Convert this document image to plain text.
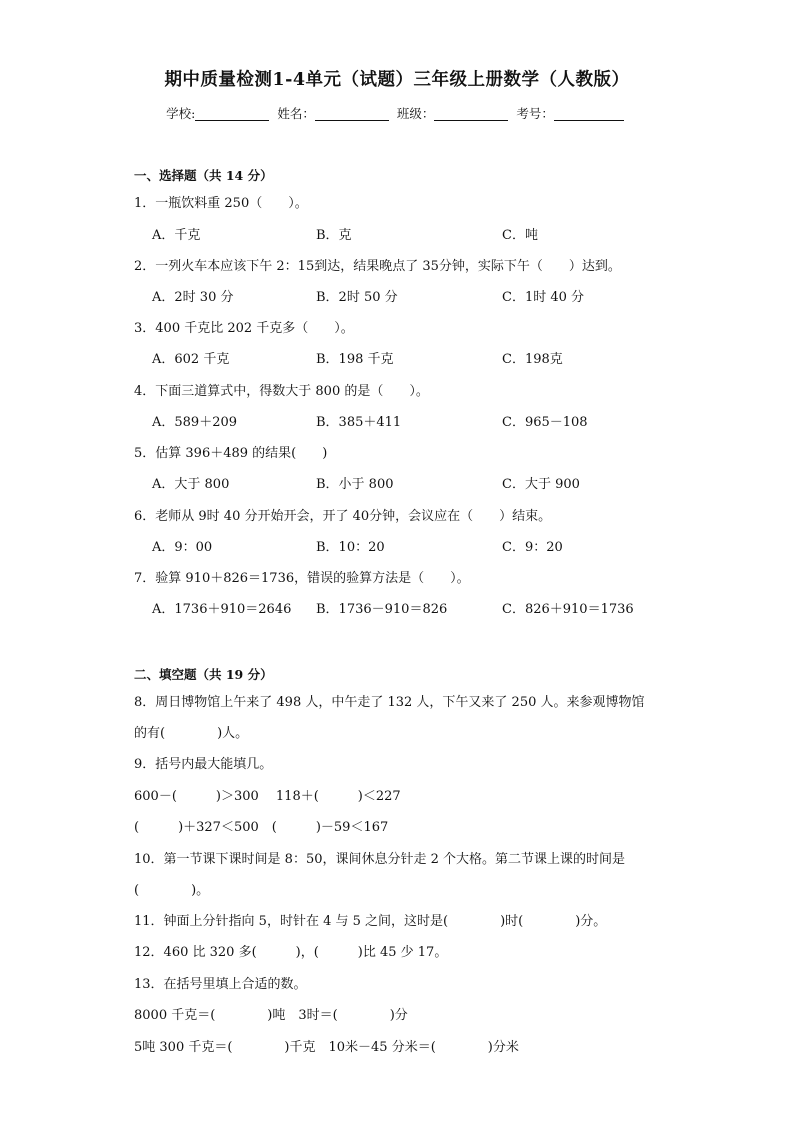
期中质量检测1-4单元（试题）三年级上册数学（人教版）
学校:	姓名：	班级：	考号：
一、选择题（共 14 分）
1．一瓶饮料重 250（　　）。
A．千克	B．克	C．吨
2．一列火车本应该下午 2：15到达，结果晚点了 35分钟，实际下午（　　）达到。
A．2时 30 分	B．2时 50 分	C．1时 40 分
3．400 千克比 202 千克多（　　）。
A．602 千克	B．198 千克	C．198克
4．下面三道算式中，得数大于 800 的是（　　）。
A．589＋209	B．385＋411	C．965－108
5．估算 396＋489 的结果(　　)
A．大于 800	B．小于 800	C．大于 900
6．老师从 9时 40 分开始开会，开了 40分钟，会议应在（　　）结束。
A．9：00	B．10：20	C．9：20
7．验算 910＋826＝1736，错误的验算方法是（　　）。
A．1736＋910＝2646 B．1736－910＝826	C．826＋910＝1736
二、填空题（共 19 分）
8．周日博物馆上午来了 498 人，中午走了 132 人，下午又来了 250 人。来参观博物馆
的有(　　　　)人。
9．括号内最大能填几。
600－(　　　)＞300　 118＋(　　　)＜227
(　　　)＋327＜500　(　　　)－59＜167
10．第一节课下课时间是 8：50，课间休息分针走 2 个大格。第二节课上课的时间是
(　　　　)。
11．钟面上分针指向 5，时针在 4 与 5 之间，这时是(　　　　)时(　　　　)分。
12．460 比 320 多(　　　)，(　　　)比 45 少 17。
13．在括号里填上合适的数。
8000 千克＝(　　　　)吨　3时＝(　　　　)分
5吨 300 千克＝(　　　　)千克　10米－45 分米＝(　　　　)分米
